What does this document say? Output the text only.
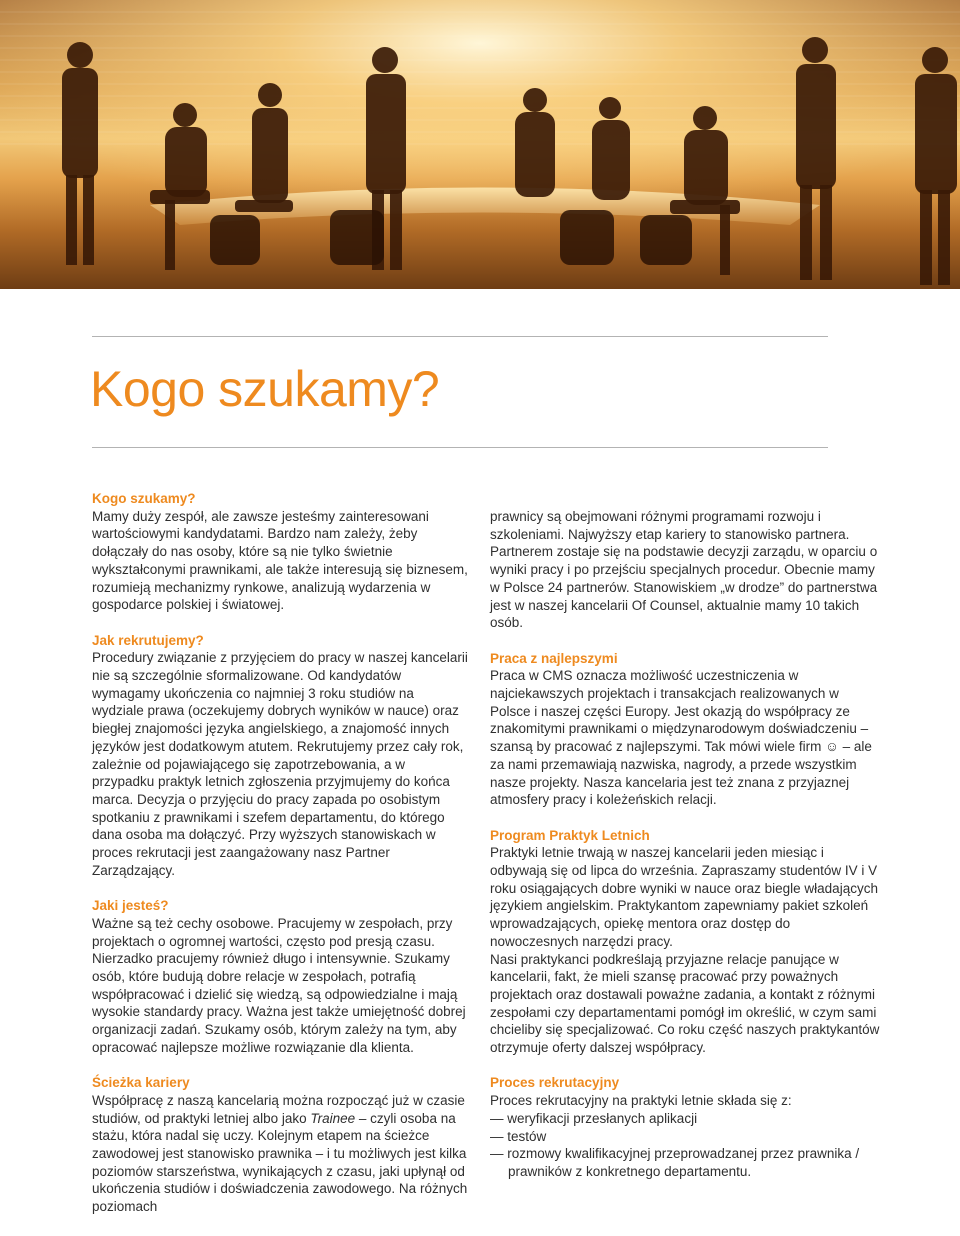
Kogo szukamy?

Kogo szukamy?

Mamy duży zespół, ale zawsze jesteśmy zainteresowani wartościowymi kandydatami. Bardzo nam zależy, żeby dołączały do nas osoby, które są nie tylko świetnie wykształconymi prawnikami, ale także interesują się biznesem, rozumieją mechanizmy rynkowe, analizują wydarzenia w gospodarce polskiej i światowej.

Jak rekrutujemy?

Procedury związanie z przyjęciem do pracy w naszej kancelarii nie są szczególnie sformalizowane. Od kandydatów wymagamy ukończenia co najmniej 3 roku studiów na wydziale prawa (oczekujemy dobrych wyników w nauce) oraz biegłej znajomości języka angielskiego, a znajomość innych języków jest dodatkowym atutem. Rekrutujemy przez cały rok, zależnie od pojawiającego się zapotrzebowania, a w przypadku praktyk letnich zgłoszenia przyjmujemy do końca marca. Decyzja o przyjęciu do pracy zapada po osobistym spotkaniu z prawnikami i szefem departamentu, do którego dana osoba ma dołączyć. Przy wyższych stanowiskach w proces rekrutacji jest zaangażowany nasz Partner Zarządzający.

Jaki jesteś?

Ważne są też cechy osobowe. Pracujemy w zespołach, przy projektach o ogromnej wartości, często pod presją czasu. Nierzadko pracujemy również długo i intensywnie. Szukamy osób, które budują dobre relacje w zespołach, potrafią współpracować i dzielić się wiedzą, są odpowiedzialne i mają wysokie standardy pracy. Ważna jest także umiejętność dobrej organizacji zadań. Szukamy osób, którym zależy na tym, aby opracować najlepsze możliwe rozwiązanie dla klienta.

Ścieżka kariery

Współpracę z naszą kancelarią można rozpocząć już w czasie studiów, od praktyki letniej albo jako Trainee – czyli osoba na stażu, która nadal się uczy. Kolejnym etapem na ścieżce zawodowej jest stanowisko prawnika – i tu możliwych jest kilka poziomów starszeństwa, wynikających z czasu, jaki upłynął od ukończenia studiów i doświadczenia zawodowego. Na różnych poziomach

prawnicy są obejmowani różnymi programami rozwoju i szkoleniami. Najwyższy etap kariery to stanowisko partnera. Partnerem zostaje się na podstawie decyzji zarządu, w oparciu o wyniki pracy i po przejściu specjalnych procedur. Obecnie mamy w Polsce 24 partnerów. Stanowiskiem „w drodze” do partnerstwa jest w naszej kancelarii Of Counsel, aktualnie mamy 10 takich osób.

Praca z najlepszymi

Praca w CMS oznacza możliwość uczestniczenia w najciekawszych projektach i transakcjach realizowanych w Polsce i naszej części Europy. Jest okazją do współpracy ze znakomitymi prawnikami o międzynarodowym doświadczeniu – szansą by pracować z najlepszymi. Tak mówi wiele firm ☺ – ale za nami przemawiają nazwiska, nagrody, a przede wszystkim nasze projekty. Nasza kancelaria jest też znana z przyjaznej atmosfery pracy i koleżeńskich relacji.

Program Praktyk Letnich

Praktyki letnie trwają w naszej kancelarii jeden miesiąc i odbywają się od lipca do września. Zapraszamy studentów IV i V roku osiągających dobre wyniki w nauce oraz biegle władających językiem angielskim. Praktykantom zapewniamy pakiet szkoleń wprowadzających, opiekę mentora oraz dostęp do nowoczesnych narzędzi pracy.

Nasi praktykanci podkreślają przyjazne relacje panujące w kancelarii, fakt, że mieli szansę pracować przy poważnych projektach oraz dostawali poważne zadania, a kontakt z różnymi zespołami czy departamentami pomógł im określić, w czym sami chcieliby się specjalizować. Co roku część naszych praktykantów otrzymuje oferty dalszej współpracy.

Proces rekrutacyjny

Proces rekrutacyjny na praktyki letnie składa się z:

— weryfikacji przesłanych aplikacji

— testów

— rozmowy kwalifikacyjnej przeprowadzanej przez prawnika / prawników z konkretnego departamentu.
